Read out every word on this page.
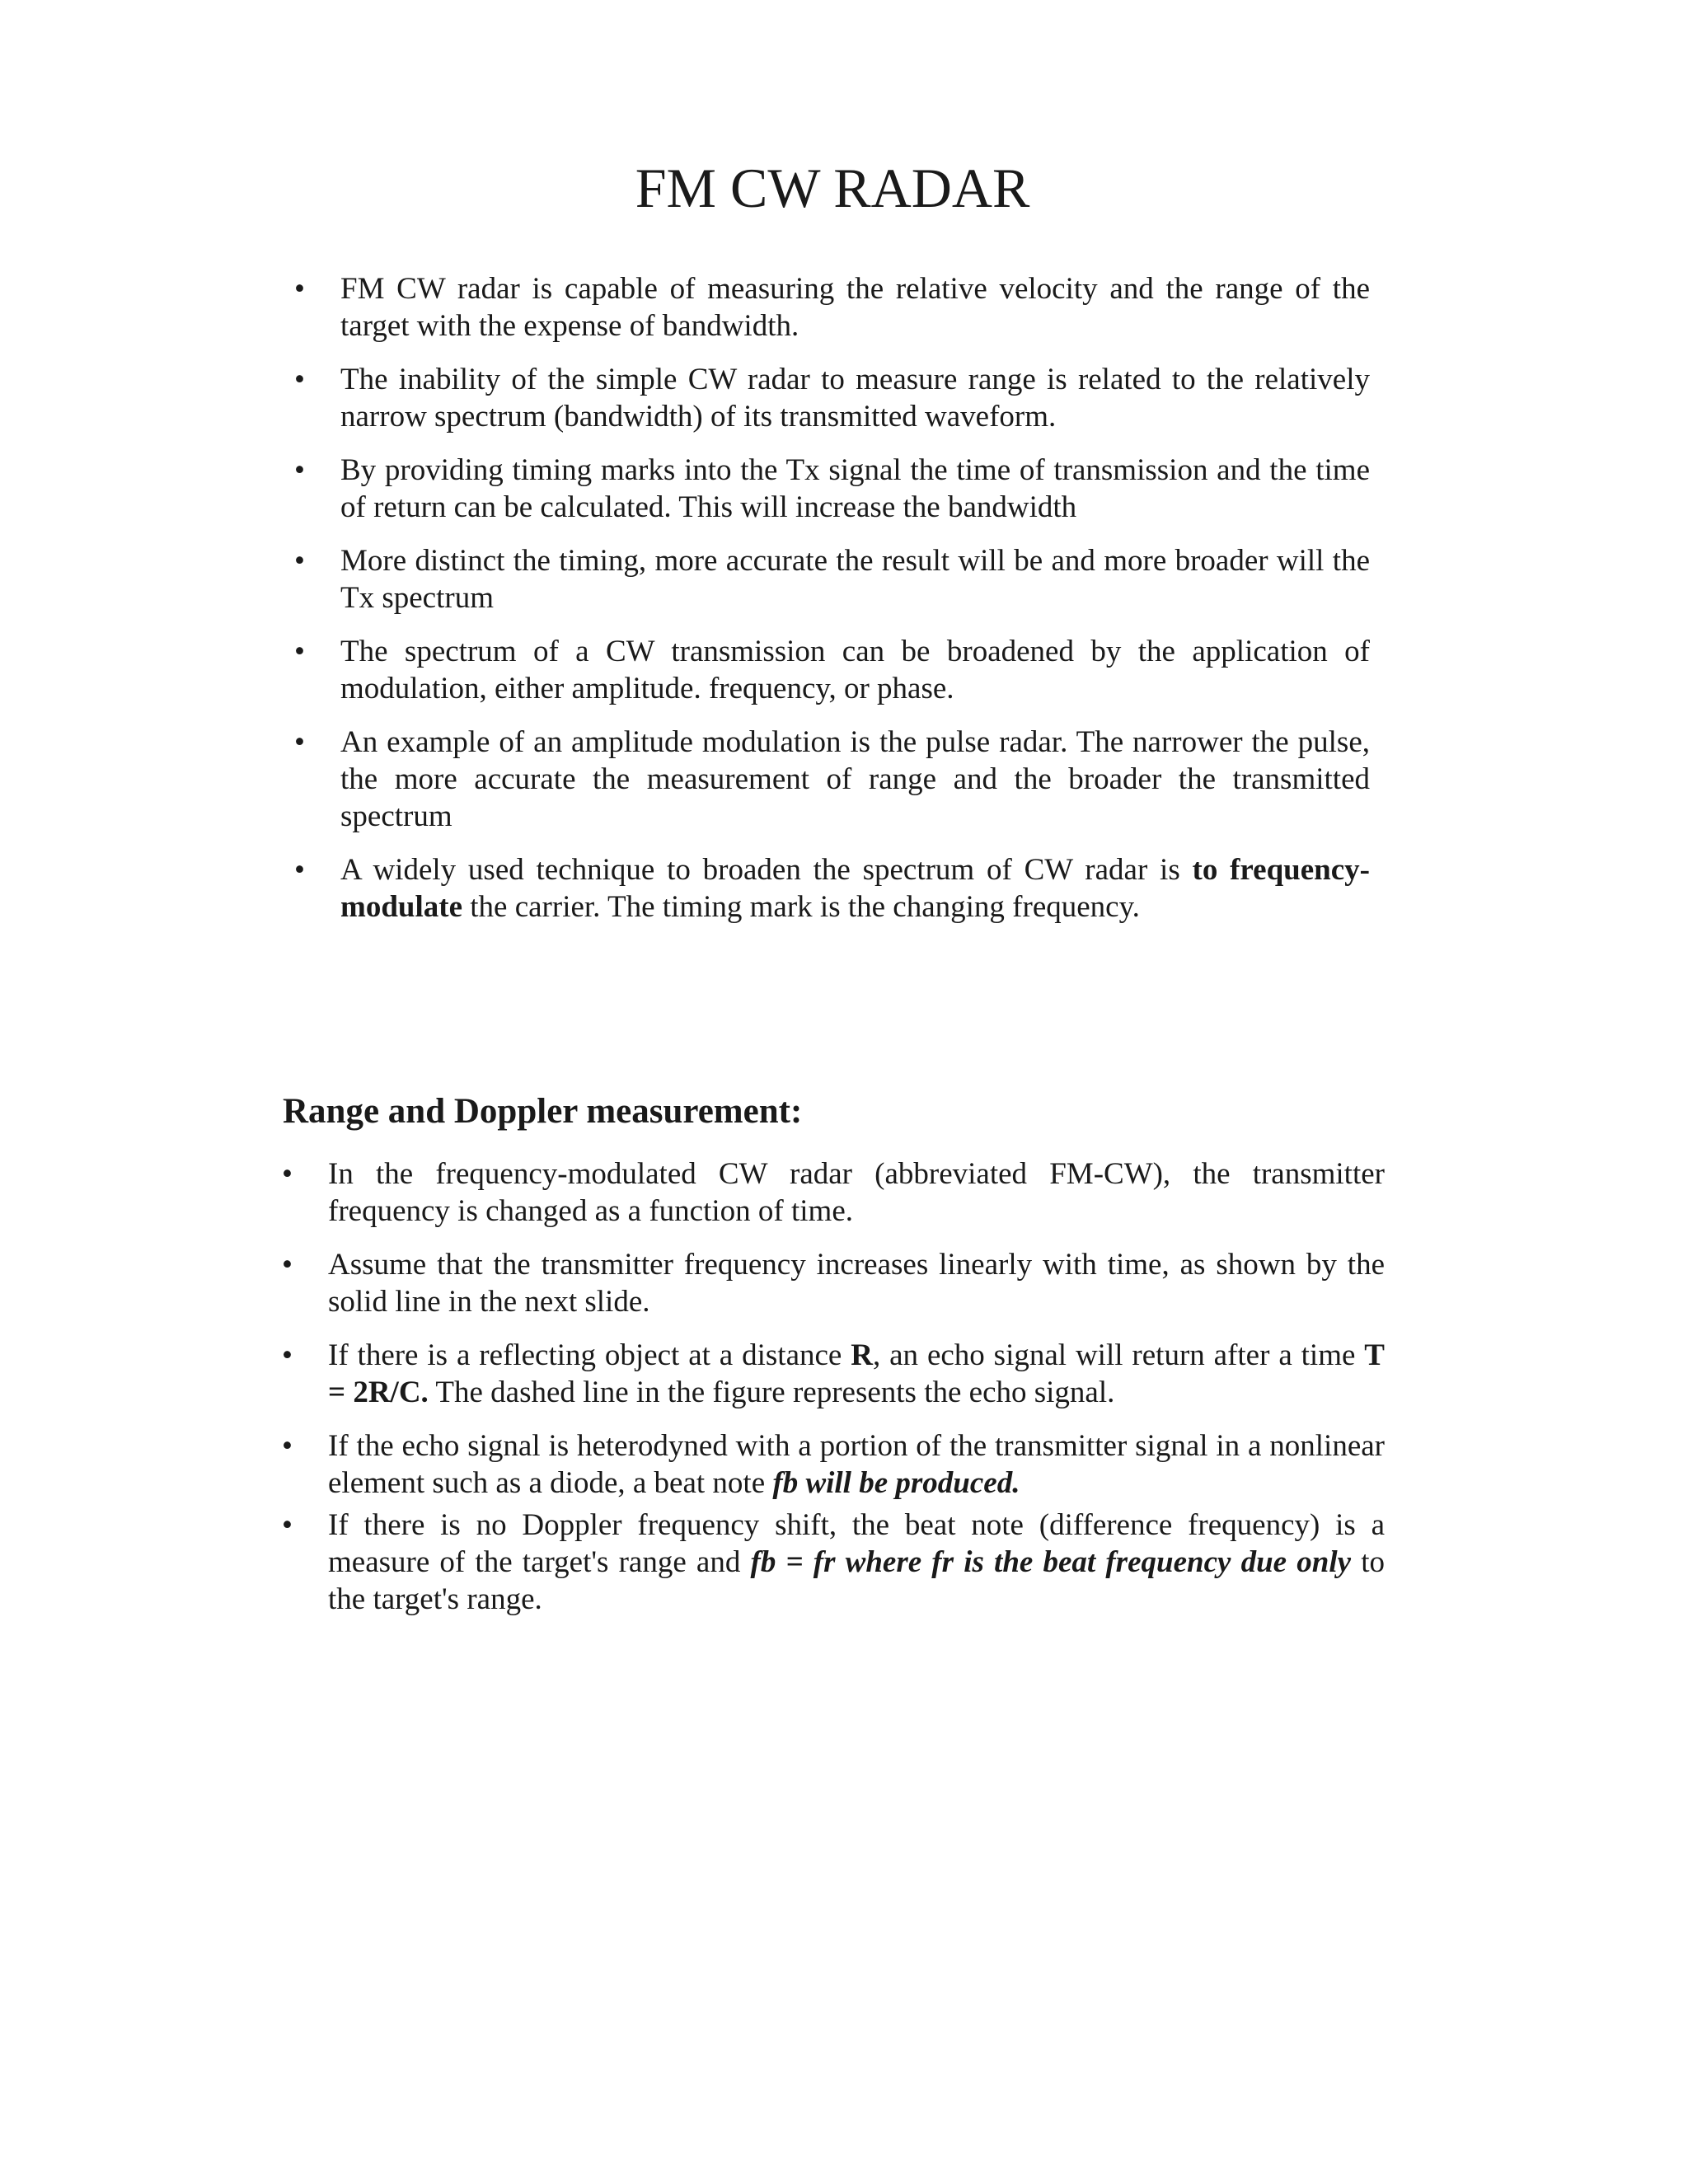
FM CW RADAR
• FM CW radar is capable of measuring the relative velocity and the range of the target with the expense of bandwidth.
• The inability of the simple CW radar to measure range is related to the relatively narrow spectrum (bandwidth) of its transmitted waveform.
• By providing timing marks into the Tx signal the time of transmission and the time of return can be calculated. This will increase the bandwidth
• More distinct the timing, more accurate the result will be and more broader will the Tx spectrum
• The spectrum of a CW transmission can be broadened by the application of modulation, either amplitude. frequency, or phase.
• An example of an amplitude modulation is the pulse radar. The narrower the pulse, the more accurate the measurement of range and the broader the transmitted spectrum
• A widely used technique to broaden the spectrum of CW radar is to frequency-modulate the carrier. The timing mark is the changing frequency.
Range and Doppler measurement:
• In the frequency-modulated CW radar (abbreviated FM-CW), the transmitter frequency is changed as a function of time.
• Assume that the transmitter frequency increases linearly with time, as shown by the solid line in the next slide.
• If there is a reflecting object at a distance R, an echo signal will return after a time T = 2R/C. The dashed line in the figure represents the echo signal.
• If the echo signal is heterodyned with a portion of the transmitter signal in a nonlinear element such as a diode, a beat note fb will be produced.
• If there is no Doppler frequency shift, the beat note (difference frequency) is a measure of the target's range and fb = fr where fr is the beat frequency due only to the target's range.
